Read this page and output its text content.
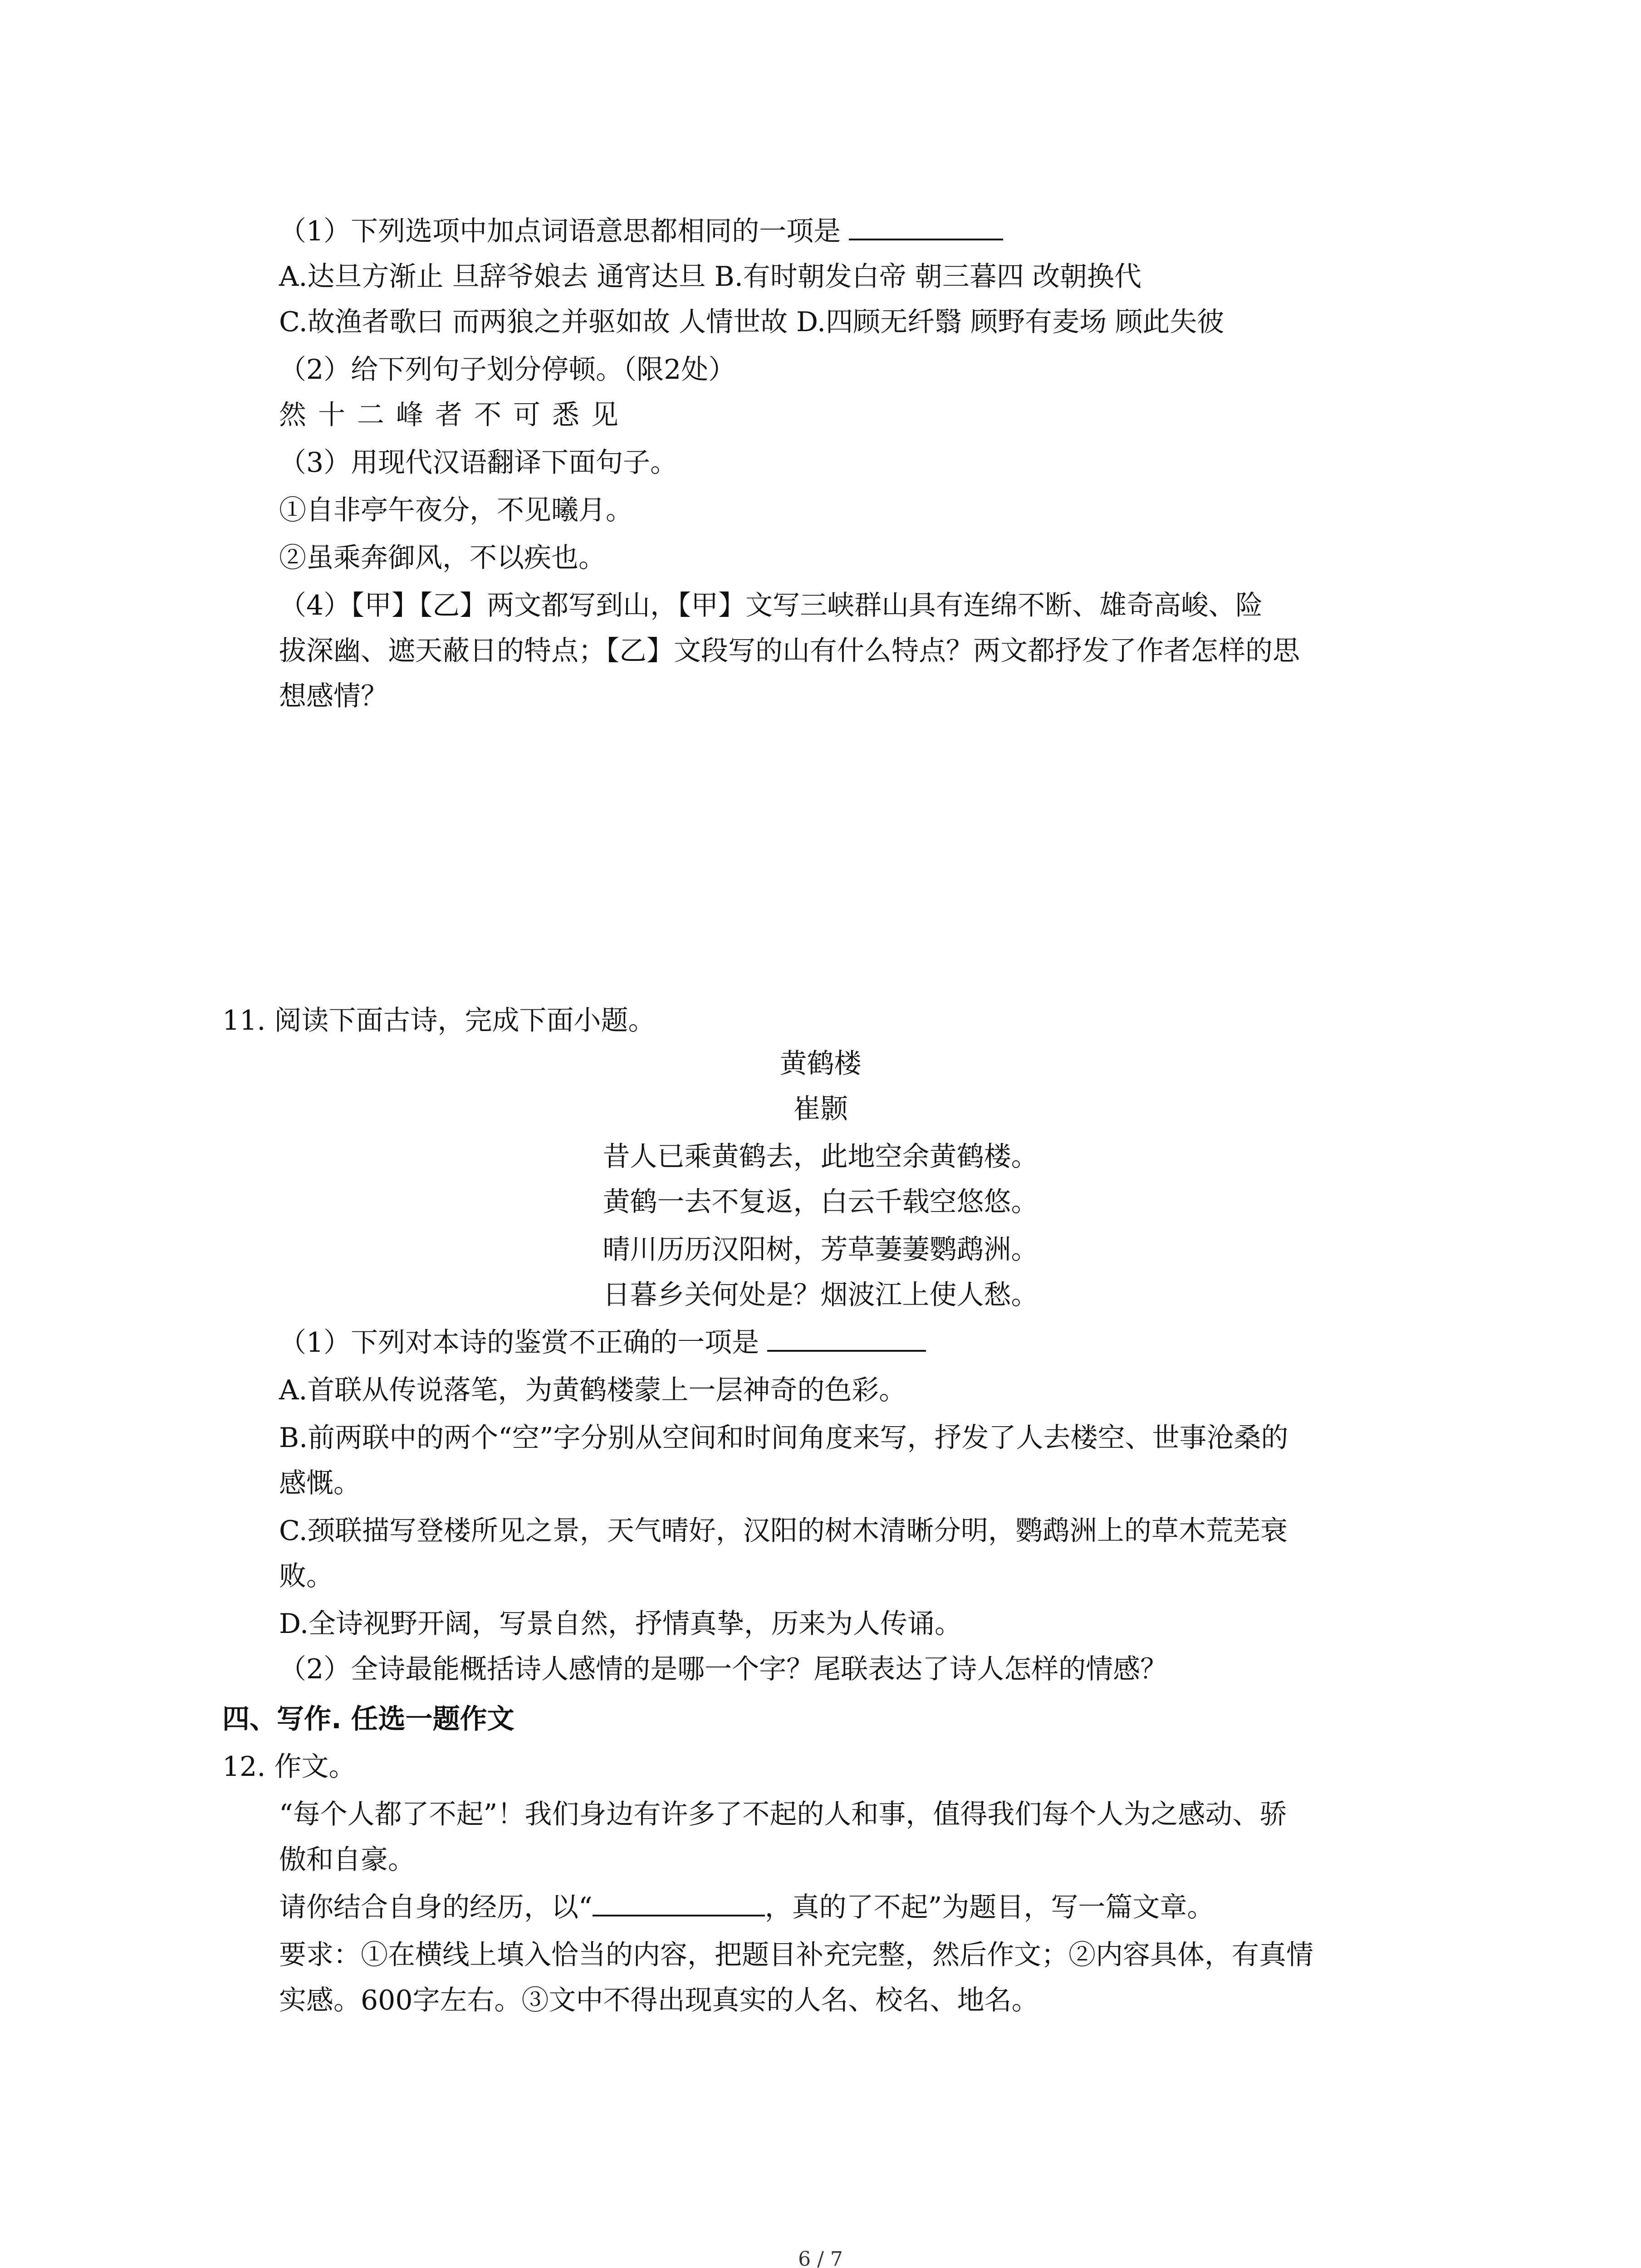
（1）下列选项中加点词语意思都相同的一项是
A.达旦方渐止 旦辞爷娘去 通宵达旦 B.有时朝发白帝 朝三暮四 改朝换代
C.故渔者歌曰 而两狼之并驱如故 人情世故 D.四顾无纤翳 顾野有麦场 顾此失彼
（2）给下列句子划分停顿。（限2处）
然十二峰者不可悉见
（3）用现代汉语翻译下面句子。
①自非亭午夜分，不见曦月。
②虽乘奔御风，不以疾也。
（4）【甲】【乙】两文都写到山，【甲】文写三峡群山具有连绵不断、雄奇高峻、险
拔深幽、遮天蔽日的特点；【乙】文段写的山有什么特点？两文都抒发了作者怎样的思
想感情？
11. 阅读下面古诗，完成下面小题。
黄鹤楼
崔颢
昔人已乘黄鹤去，此地空余黄鹤楼。
黄鹤一去不复返，白云千载空悠悠。
晴川历历汉阳树，芳草萋萋鹦鹉洲。
日暮乡关何处是？烟波江上使人愁。
（1）下列对本诗的鉴赏不正确的一项是
A.首联从传说落笔，为黄鹤楼蒙上一层神奇的色彩。
B.前两联中的两个“空”字分别从空间和时间角度来写，抒发了人去楼空、世事沧桑的
感慨。
C.颈联描写登楼所见之景，天气晴好，汉阳的树木清晰分明，鹦鹉洲上的草木荒芜衰
败。
D.全诗视野开阔，写景自然，抒情真挚，历来为人传诵。
（2）全诗最能概括诗人感情的是哪一个字？尾联表达了诗人怎样的情感？
四、写作. 任选一题作文
12. 作文。
“每个人都了不起”！我们身边有许多了不起的人和事，值得我们每个人为之感动、骄
傲和自豪。
请你结合自身的经历，以“	，真的了不起”为题目，写一篇文章。
要求：①在横线上填入恰当的内容，把题目补充完整，然后作文；②内容具体，有真情
实感。600字左右。③文中不得出现真实的人名、校名、地名。
6 / 7
